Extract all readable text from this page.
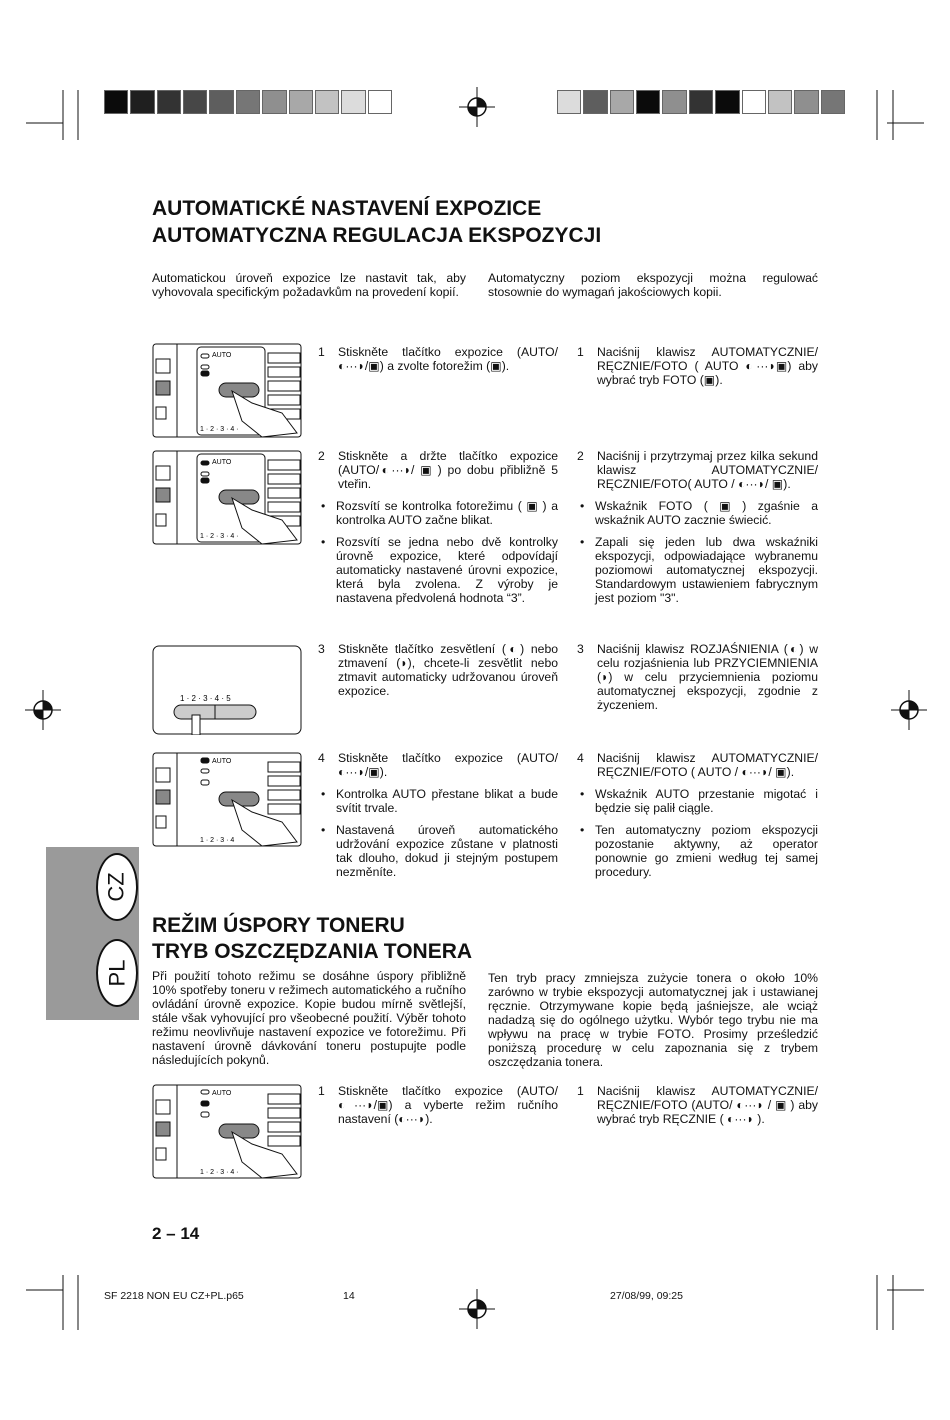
AUTOMATICKÉ NASTAVENÍ EXPOZICE
AUTOMATYCZNA REGULACJA EKSPOZYCJI
Automatickou úroveň expozice lze nastavit tak, aby vyhovovala specifickým požadavkům na provedení kopií.
Automatyczny poziom ekspozycji można regulować stosownie do wymagań jakościowych kopii.
1 Stiskněte tlačítko expozice (AUTO/ ◐···◗/▣) a zvolte fotorežim (▣).
1 Naciśnij klawisz AUTOMATYCZNIE/ RĘCZNIE/FOTO ( AUTO ◐···◗▣) aby wybrać tryb FOTO (▣).
2 Stiskněte a držte tlačítko expozice (AUTO/◐···◗/ ▣ ) po dobu přibližně 5 vteřin.
• Rozsvítí se kontrolka fotorežimu ( ▣ ) a kontrolka AUTO začne blikat.
• Rozsvítí se jedna nebo dvě kontrolky úrovně expozice, které odpovídají automaticky nastavené úrovni expozice, která byla zvolena. Z výroby je nastavena předvolená hodnota “3”.
2 Naciśnij i przytrzymaj przez kilka sekund klawisz AUTOMATYCZNIE/ RĘCZNIE/FOTO( AUTO / ◐···◗/ ▣).
• Wskaźnik FOTO ( ▣ ) zgaśnie a wskaźnik AUTO zacznie świecić.
• Zapali się jeden lub dwa wskaźniki ekspozycji, odpowiadające wybranemu poziomowi automatycznej ekspozycji. Standardowym ustawieniem fabrycznym jest poziom "3".
3 Stiskněte tlačítko zesvětlení (◐) nebo ztmavení (◗), chcete-li zesvětlit nebo ztmavit automaticky udržovanou úroveň expozice.
3 Naciśnij klawisz ROZJAŚNIENIA (◐) w celu rozjaśnienia lub PRZYCIEMNIENIA (◗) w celu przyciemnienia poziomu automatycznej ekspozycji, zgodnie z życzeniem.
4 Stiskněte tlačítko expozice (AUTO/ ◐···◗/▣).
• Kontrolka AUTO přestane blikat a bude svítit trvale.
• Nastavená úroveň automatického udržování expozice zůstane v platnosti tak dlouho, dokud ji stejným postupem nezměníte.
4 Naciśnij klawisz AUTOMATYCZNIE/ RĘCZNIE/FOTO ( AUTO / ◐···◗/ ▣).
• Wskaźnik AUTO przestanie migotać i będzie się palił ciągle.
• Ten automatyczny poziom ekspozycji pozostanie aktywny, aż operator ponownie go zmieni według tej samej procedury.
CZ
PL
REŽIM ÚSPORY TONERU
TRYB OSZCZĘDZANIA TONERA
Při použití tohoto režimu se dosáhne úspory přibližně 10% spotřeby toneru v režimech automatického a ručního ovládání úrovně expozice. Kopie budou mírně světlejší, stále však vyhovující pro všeobecné použití. Výběr tohoto režimu neovlivňuje nastavení expozice ve fotorežimu. Při nastavení úrovně dávkování toneru postupujte podle následujících pokynů.
Ten tryb pracy zmniejsza zużycie tonera o około 10% zarówno w trybie ekspozycji automatycznej jak i ustawianej ręcznie. Otrzymywane kopie będą jaśniejsze, ale wciąż nadadzą się do ogólnego użytku. Wybór tego trybu nie ma wpływu na pracę w trybie FOTO. Prosimy prześledzić poniższą procedurę w celu zapoznania się z trybem oszczędzania tonera.
1 Stiskněte tlačítko expozice (AUTO/ ◐···◗/▣) a vyberte režim ručního nastavení (◐···◗).
1 Naciśnij klawisz AUTOMATYCZNIE/ RĘCZNIE/FOTO (AUTO/ ◐···◗ / ▣ ) aby wybrać tryb RĘCZNIE ( ◐···◗ ).
AUTO
1 · 2 · 3 · 4 ·
AUTO
1 · 2 · 3 · 4 ·
1 · 2 · 3 · 4 · 5
AUTO
1 · 2 · 3 · 4
AUTO
1 · 2 · 3 · 4 ·
2 – 14
SF 2218 NON EU CZ+PL.p65	14	27/08/99, 09:25
